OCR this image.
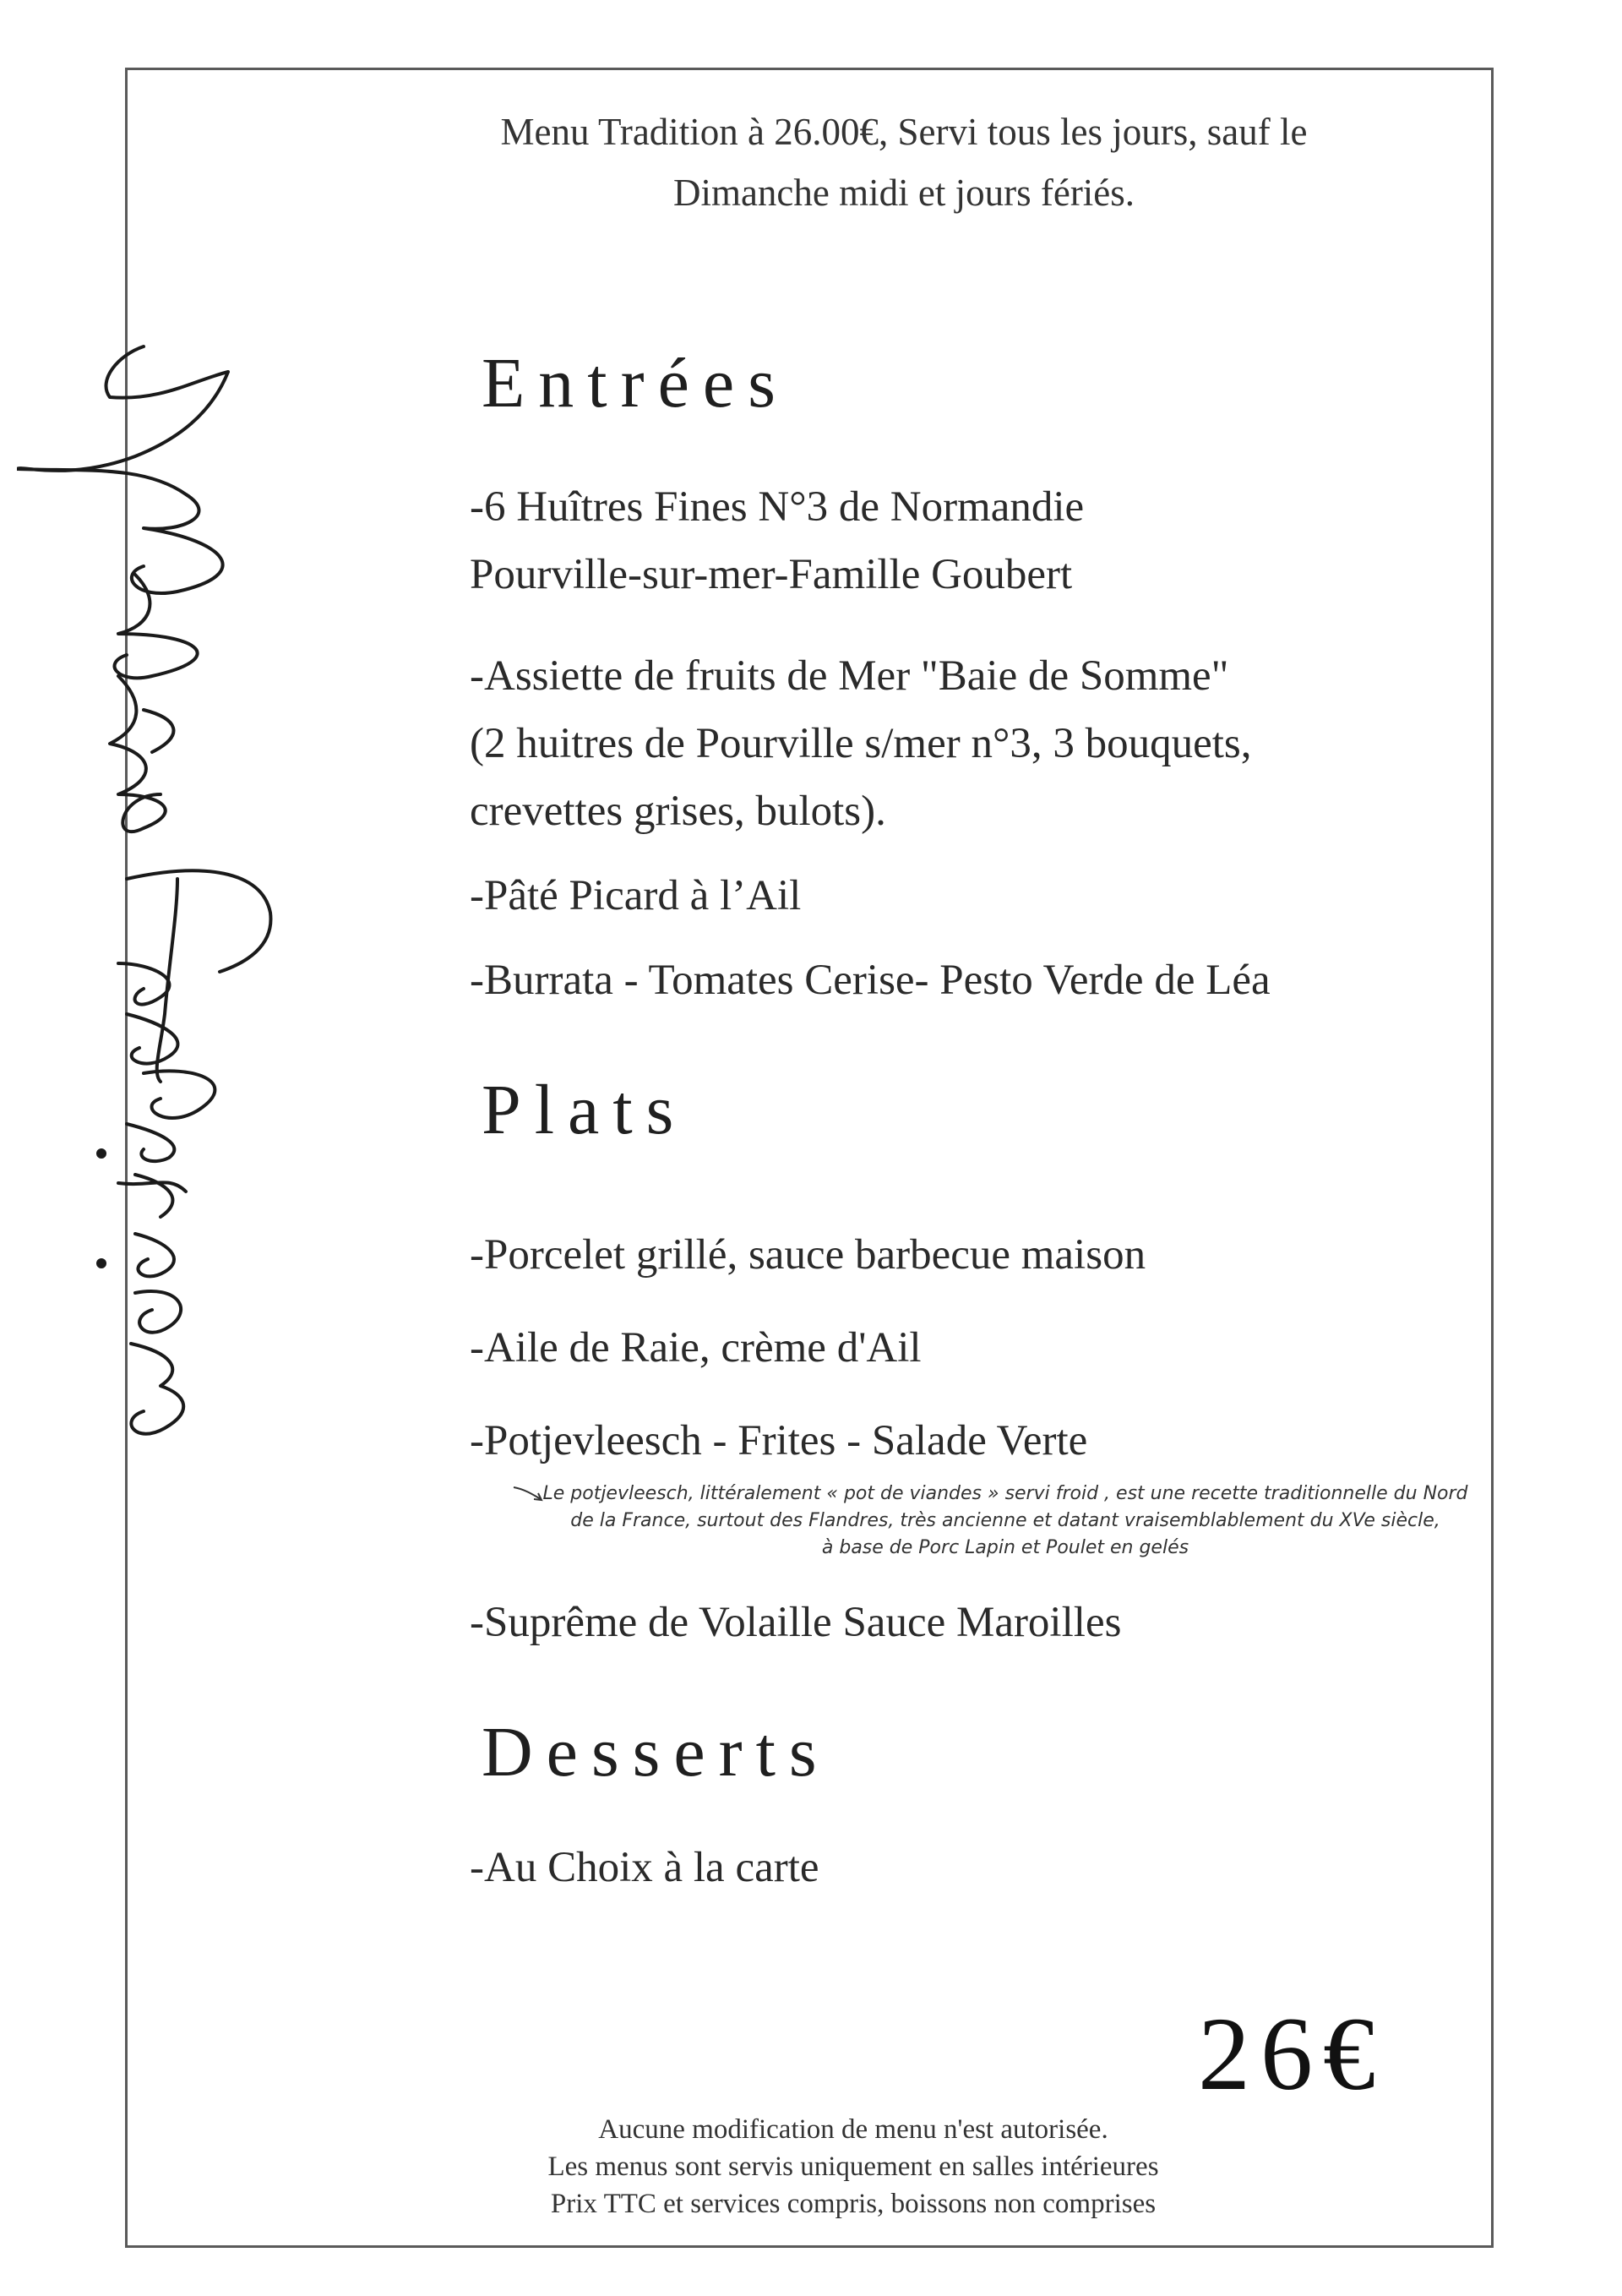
Menu Tradition à 26.00€, Servi tous les jours, sauf le
Dimanche midi et jours fériés.
Entrées

-6 Huîtres Fines N°3 de Normandie

Pourville-sur-mer-Famille Goubert

-Assiette de fruits de Mer "Baie de Somme"

(2 huitres de Pourville s/mer n°3, 3 bouquets,

crevettes grises, bulots).

-Pâté Picard à l’Ail

-Burrata - Tomates Cerise- Pesto Verde de Léa

Plats

-Porcelet grillé, sauce barbecue maison

-Aile de Raie, crème d'Ail

-Potjevleesch - Frites - Salade Verte

Le potjevleesch, littéralement « pot de viandes » servi froid , est une recette traditionnelle du Nord
de la France, surtout des Flandres, très ancienne et datant vraisemblablement du XVe siècle,
à base de Porc Lapin et Poulet en gelés

-Suprême de Volaille Sauce Maroilles

Desserts

-Au Choix à la carte

26€
Aucune modification de menu n'est autorisée.
Les menus sont servis uniquement en salles intérieures
Prix TTC et services compris, boissons non comprises
